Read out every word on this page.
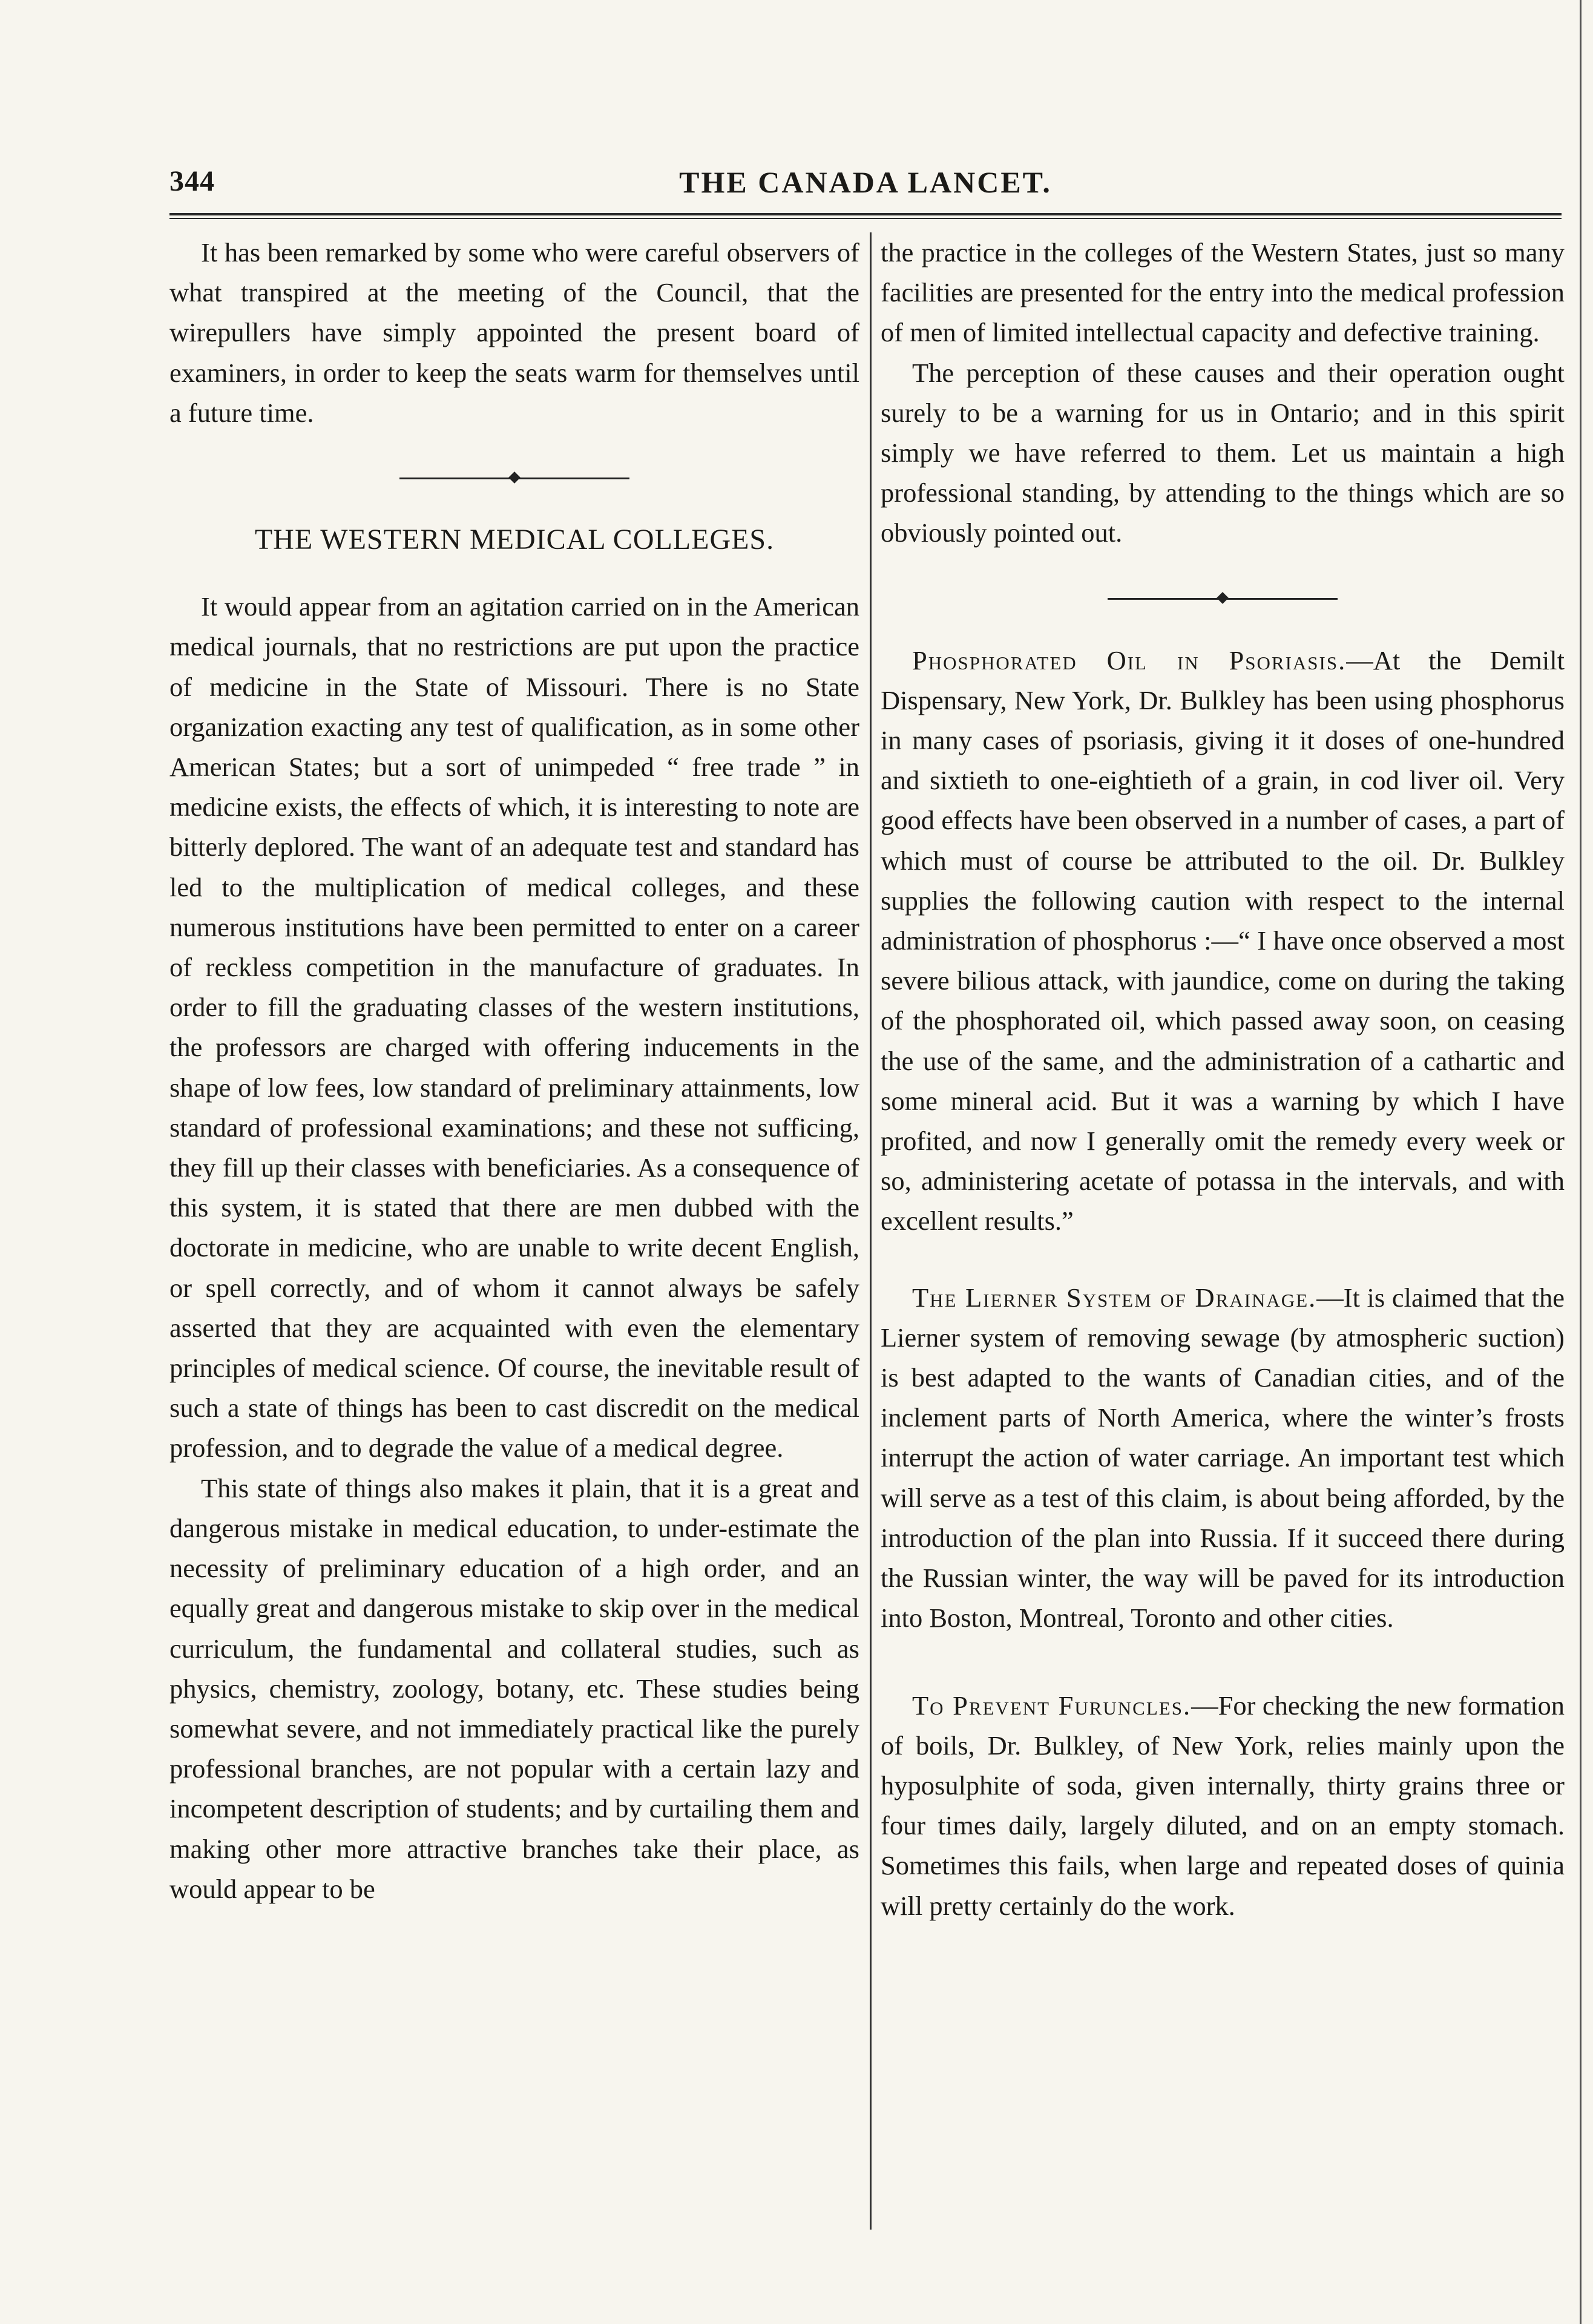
344	THE CANADA LANCET.

It has been remarked by some who were careful observers of what transpired at the meeting of the Council, that the wirepullers have simply appointed the present board of examiners, in order to keep the seats warm for themselves until a future time.

THE WESTERN MEDICAL COLLEGES.

It would appear from an agitation carried on in the American medical journals, that no restrictions are put upon the practice of medicine in the State of Missouri. There is no State organization exacting any test of qualification, as in some other American States; but a sort of unimpeded “ free trade ” in medicine exists, the effects of which, it is interesting to note are bitterly deplored. The want of an adequate test and standard has led to the multiplication of medical colleges, and these numerous institutions have been permitted to enter on a career of reckless competition in the manufacture of graduates. In order to fill the graduating classes of the western institutions, the professors are charged with offering inducements in the shape of low fees, low standard of preliminary attainments, low standard of professional examinations; and these not sufficing, they fill up their classes with beneficiaries. As a consequence of this system, it is stated that there are men dubbed with the doctorate in medicine, who are unable to write decent English, or spell correctly, and of whom it cannot always be safely asserted that they are acquainted with even the elementary principles of medical science. Of course, the inevitable result of such a state of things has been to cast discredit on the medical profession, and to degrade the value of a medical degree.

This state of things also makes it plain, that it is a great and dangerous mistake in medical education, to under-estimate the necessity of preliminary education of a high order, and an equally great and dangerous mistake to skip over in the medical curriculum, the fundamental and collateral studies, such as physics, chemistry, zoology, botany, etc. These studies being somewhat severe, and not immediately practical like the purely professional branches, are not popular with a certain lazy and incompetent description of students; and by curtailing them and making other more attractive branches take their place, as would appear to be

the practice in the colleges of the Western States, just so many facilities are presented for the entry into the medical profession of men of limited intellectual capacity and defective training.

The perception of these causes and their operation ought surely to be a warning for us in Ontario; and in this spirit simply we have referred to them. Let us maintain a high professional standing, by attending to the things which are so obviously pointed out.

Phosphorated Oil in Psoriasis.—At the Demilt Dispensary, New York, Dr. Bulkley has been using phosphorus in many cases of psoriasis, giving it it doses of one-hundred and sixtieth to one-eightieth of a grain, in cod liver oil. Very good effects have been observed in a number of cases, a part of which must of course be attributed to the oil. Dr. Bulkley supplies the following caution with respect to the internal administration of phosphorus :—“ I have once observed a most severe bilious attack, with jaundice, come on during the taking of the phosphorated oil, which passed away soon, on ceasing the use of the same, and the administration of a cathartic and some mineral acid. But it was a warning by which I have profited, and now I generally omit the remedy every week or so, administering acetate of potassa in the intervals, and with excellent results.”

The Lierner System of Drainage.—It is claimed that the Lierner system of removing sewage (by atmospheric suction) is best adapted to the wants of Canadian cities, and of the inclement parts of North America, where the winter’s frosts interrupt the action of water carriage. An important test which will serve as a test of this claim, is about being afforded, by the introduction of the plan into Russia. If it succeed there during the Russian winter, the way will be paved for its introduction into Boston, Montreal, Toronto and other cities.

To Prevent Furuncles.—For checking the new formation of boils, Dr. Bulkley, of New York, relies mainly upon the hyposulphite of soda, given internally, thirty grains three or four times daily, largely diluted, and on an empty stomach. Sometimes this fails, when large and repeated doses of quinia will pretty certainly do the work.
